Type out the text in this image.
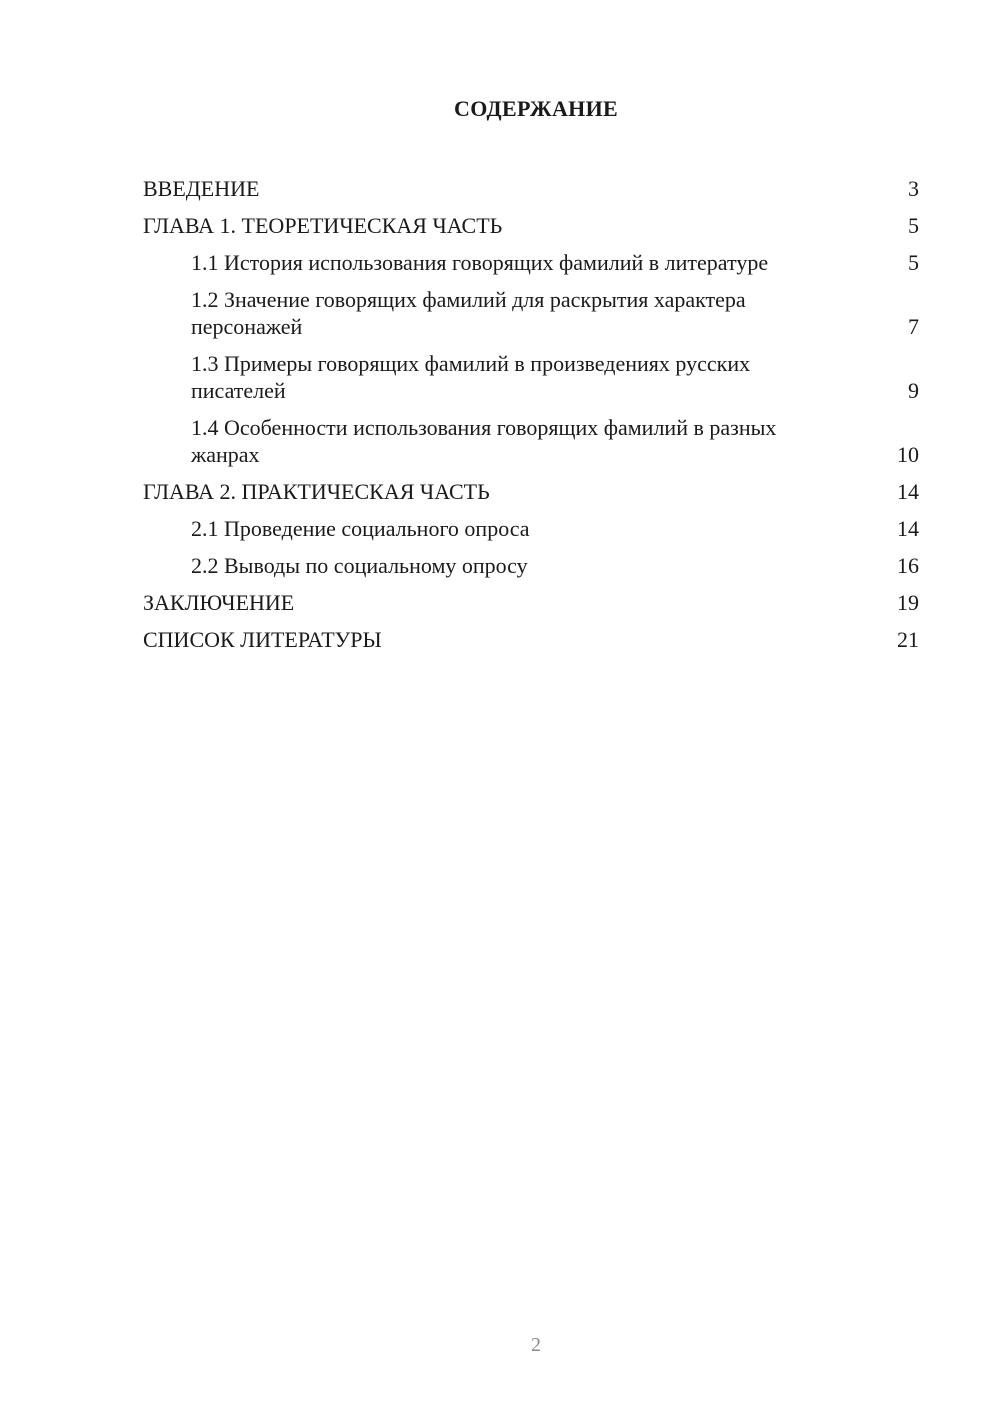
СОДЕРЖАНИЕ
ВВЕДЕНИЕ	3
ГЛАВА 1. ТЕОРЕТИЧЕСКАЯ ЧАСТЬ	5
1.1 История использования говорящих фамилий в литературе	5
1.2 Значение говорящих фамилий для раскрытия характера персонажей	7
1.3 Примеры говорящих фамилий в произведениях русских писателей	9
1.4 Особенности использования говорящих фамилий в разных жанрах	10
ГЛАВА 2. ПРАКТИЧЕСКАЯ ЧАСТЬ	14
2.1 Проведение социального опроса	14
2.2 Выводы по социальному опросу	16
ЗАКЛЮЧЕНИЕ	19
СПИСОК ЛИТЕРАТУРЫ	21
2
